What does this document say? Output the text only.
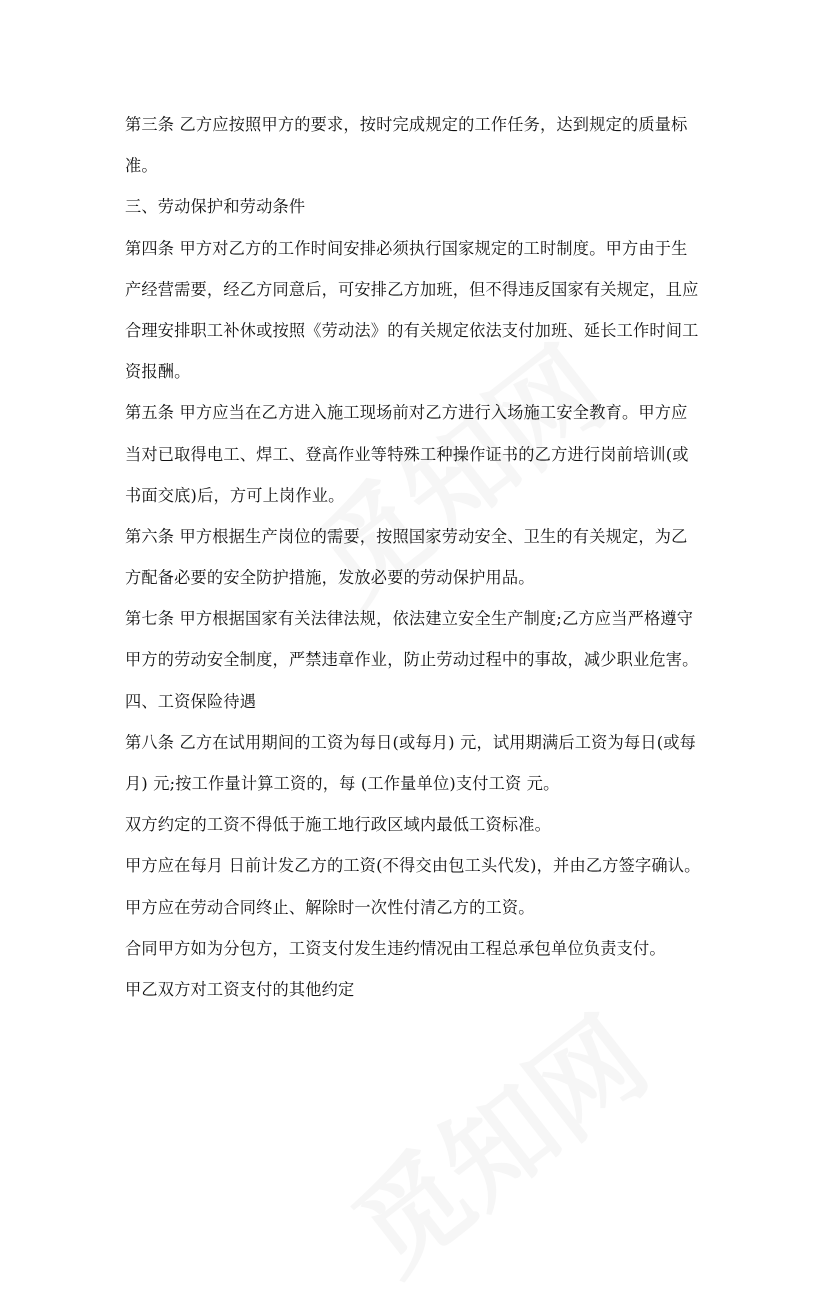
第三条 乙方应按照甲方的要求，按时完成规定的工作任务，达到规定的质量标
准。
三、劳动保护和劳动条件
第四条 甲方对乙方的工作时间安排必须执行国家规定的工时制度。甲方由于生
产经营需要，经乙方同意后，可安排乙方加班，但不得违反国家有关规定，且应
合理安排职工补休或按照《劳动法》的有关规定依法支付加班、延长工作时间工
资报酬。
第五条 甲方应当在乙方进入施工现场前对乙方进行入场施工安全教育。甲方应
当对已取得电工、焊工、登高作业等特殊工种操作证书的乙方进行岗前培训(或
书面交底)后，方可上岗作业。
第六条 甲方根据生产岗位的需要，按照国家劳动安全、卫生的有关规定，为乙
方配备必要的安全防护措施，发放必要的劳动保护用品。
第七条 甲方根据国家有关法律法规，依法建立安全生产制度;乙方应当严格遵守
甲方的劳动安全制度，严禁违章作业，防止劳动过程中的事故，减少职业危害。
四、工资保险待遇
第八条 乙方在试用期间的工资为每日(或每月) 元，试用期满后工资为每日(或每
月) 元;按工作量计算工资的，每 (工作量单位)支付工资 元。
双方约定的工资不得低于施工地行政区域内最低工资标准。
甲方应在每月 日前计发乙方的工资(不得交由包工头代发)，并由乙方签字确认。
甲方应在劳动合同终止、解除时一次性付清乙方的工资。
合同甲方如为分包方，工资支付发生违约情况由工程总承包单位负责支付。
甲乙双方对工资支付的其他约定
